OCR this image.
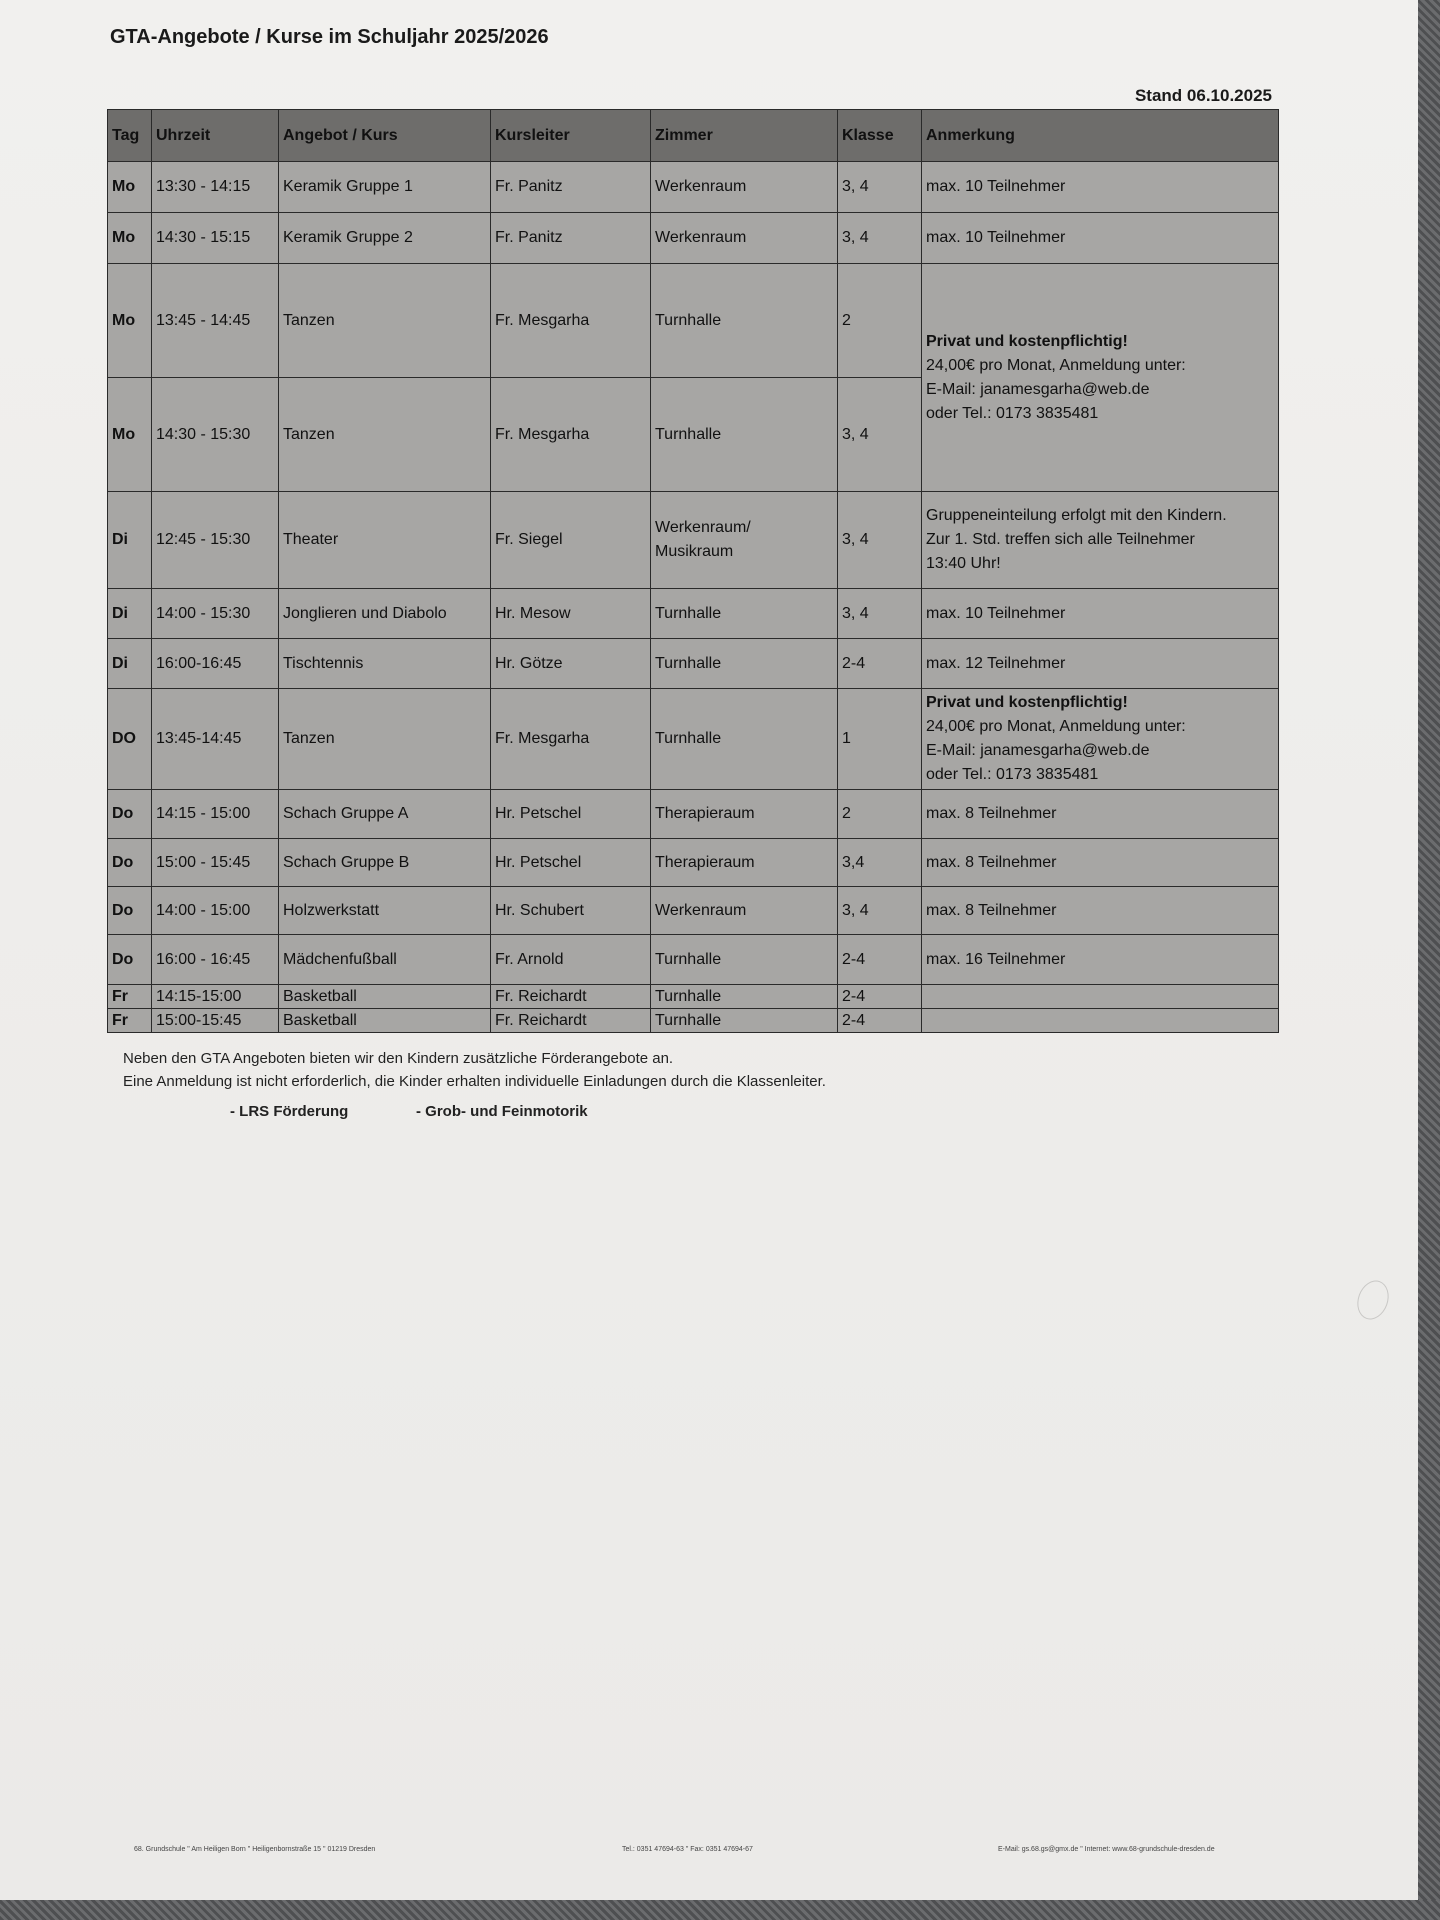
GTA-Angebote / Kurse im Schuljahr 2025/2026
Stand 06.10.2025
Tag	Uhrzeit	Angebot / Kurs	Kursleiter	Zimmer	Klasse	Anmerkung
Mo	13:30 - 14:15	Keramik Gruppe 1	Fr. Panitz	Werkenraum	3, 4	max. 10 Teilnehmer
Mo	14:30 - 15:15	Keramik Gruppe 2	Fr. Panitz	Werkenraum	3, 4	max. 10 Teilnehmer
Mo	13:45 - 14:45	Tanzen	Fr. Mesgarha	Turnhalle	2	Privat und kostenpflichtig!
24,00€ pro Monat, Anmeldung unter:
E-Mail: janamesgarha@web.de
oder Tel.: 0173 3835481

Mo	14:30 - 15:30	Tanzen	Fr. Mesgarha	Turnhalle	3, 4	
Di	12:45 - 15:30	Theater	Fr. Siegel	Werkenraum/
Musikraum	3, 4	Gruppeneinteilung erfolgt mit den Kindern.
Zur 1. Std. treffen sich alle Teilnehmer
13:40 Uhr!

Di	14:00 - 15:30	Jonglieren und Diabolo	Hr. Mesow	Turnhalle	3, 4	max. 10 Teilnehmer
Di	16:00-16:45	Tischtennis	Hr. Götze	Turnhalle	2-4	max. 12 Teilnehmer
DO	13:45-14:45	Tanzen	Fr. Mesgarha	Turnhalle	1	Privat und kostenpflichtig!
24,00€ pro Monat, Anmeldung unter:
E-Mail: janamesgarha@web.de
oder Tel.: 0173 3835481

Do	14:15 - 15:00	Schach Gruppe A	Hr. Petschel	Therapieraum	2	max. 8 Teilnehmer
Do	15:00 - 15:45	Schach Gruppe B	Hr. Petschel	Therapieraum	3,4	max. 8 Teilnehmer
Do	14:00 - 15:00	Holzwerkstatt	Hr. Schubert	Werkenraum	3, 4	max. 8 Teilnehmer
Do	16:00 - 16:45	Mädchenfußball	Fr. Arnold	Turnhalle	2-4	max. 16 Teilnehmer
Fr	14:15-15:00	Basketball	Fr. Reichardt	Turnhalle	2-4	
Fr	15:00-15:45	Basketball	Fr. Reichardt	Turnhalle	2-4	
Neben den GTA Angeboten bieten wir den Kindern zusätzliche Förderangebote an.
Eine Anmeldung ist nicht erforderlich, die Kinder erhalten individuelle Einladungen durch die Klassenleiter.
- LRS Förderung	- Grob- und Feinmotorik
68. Grundschule " Am Heiligen Born " Heiligenbornstraße 15 " 01219 Dresden	Tel.: 0351 47694-63 " Fax: 0351 47694-67	E-Mail: gs.68.gs@gmx.de " Internet: www.68-grundschule-dresden.de
